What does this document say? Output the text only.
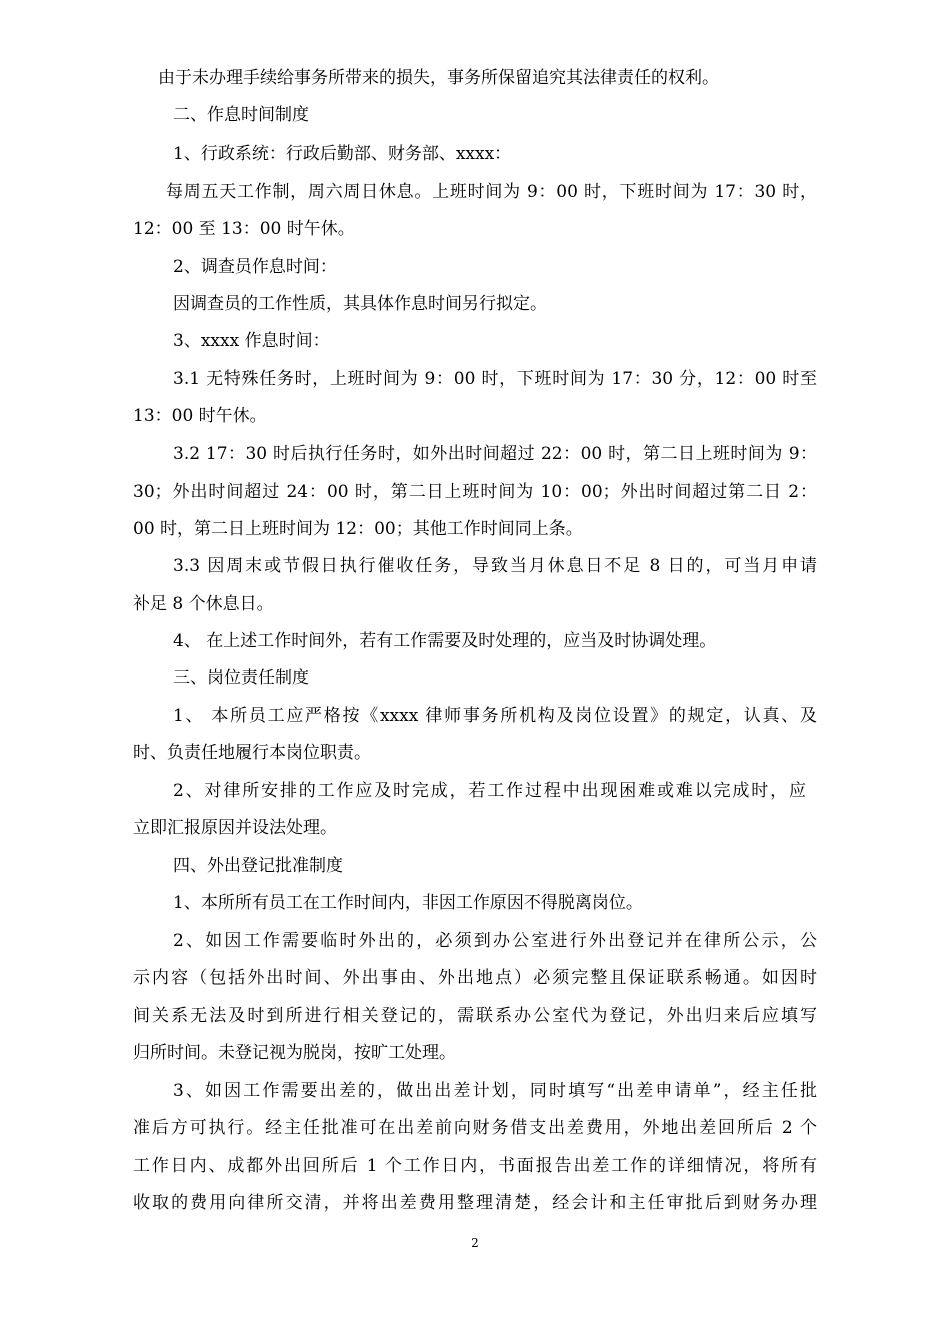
由于未办理手续给事务所带来的损失，事务所保留追究其法律责任的权利。
二、作息时间制度
1、行政系统：行政后勤部、财务部、xxxx：
每周五天工作制，周六周日休息。上班时间为 9：00 时，下班时间为 17：30 时，
12：00 至 13：00 时午休。
2、调查员作息时间：
因调查员的工作性质，其具体作息时间另行拟定。
3、xxxx 作息时间：
3.1 无特殊任务时，上班时间为 9：00 时，下班时间为 17：30 分，12：00 时至
13：00 时午休。
3.2 17：30 时后执行任务时，如外出时间超过 22：00 时，第二日上班时间为 9：
30；外出时间超过 24：00 时，第二日上班时间为 10：00；外出时间超过第二日 2：
00 时，第二日上班时间为 12：00；其他工作时间同上条。
3.3 因周末或节假日执行催收任务，导致当月休息日不足 8 日的，可当月申请
补足 8 个休息日。
4、 在上述工作时间外，若有工作需要及时处理的，应当及时协调处理。
三、岗位责任制度
1、 本所员工应严格按《xxxx 律师事务所机构及岗位设置》的规定，认真、及
时、负责任地履行本岗位职责。
2、对律所安排的工作应及时完成，若工作过程中出现困难或难以完成时，应
立即汇报原因并设法处理。
四、外出登记批准制度
1、本所所有员工在工作时间内，非因工作原因不得脱离岗位。
2、如因工作需要临时外出的，必须到办公室进行外出登记并在律所公示，公
示内容（包括外出时间、外出事由、外出地点）必须完整且保证联系畅通。如因时
间关系无法及时到所进行相关登记的，需联系办公室代为登记，外出归来后应填写
归所时间。未登记视为脱岗，按旷工处理。
3、如因工作需要出差的，做出出差计划，同时填写“出差申请单”，经主任批
准后方可执行。经主任批准可在出差前向财务借支出差费用，外地出差回所后 2 个
工作日内、成都外出回所后 1 个工作日内，书面报告出差工作的详细情况，将所有
收取的费用向律所交清，并将出差费用整理清楚，经会计和主任审批后到财务办理
2
